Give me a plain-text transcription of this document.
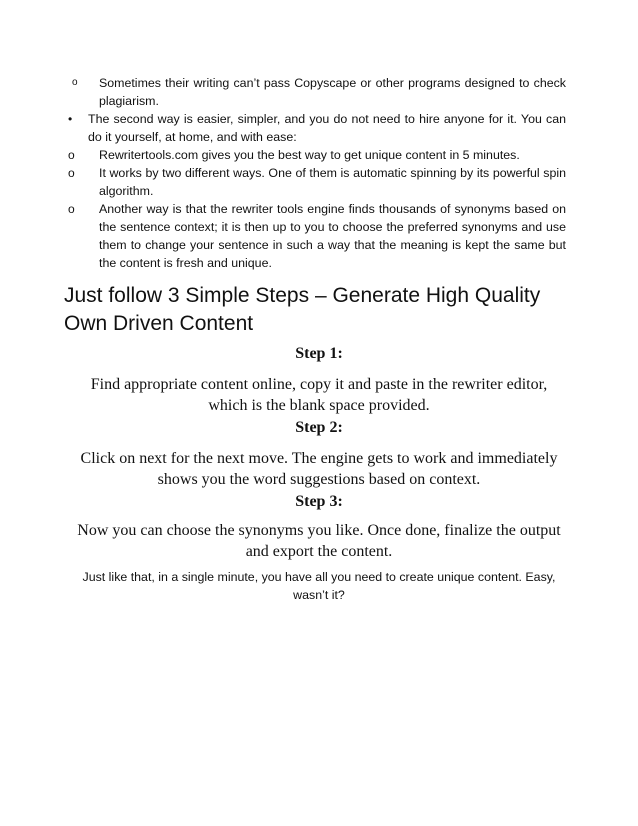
o Sometimes their writing can’t pass Copyscape or other programs designed to check plagiarism.
• The second way is easier, simpler, and you do not need to hire anyone for it. You can do it yourself, at home, and with ease:
o Rewritertools.com gives you the best way to get unique content in 5 minutes.
o It works by two different ways. One of them is automatic spinning by its powerful spin algorithm.
o Another way is that the rewriter tools engine finds thousands of synonyms based on the sentence context; it is then up to you to choose the preferred synonyms and use them to change your sentence in such a way that the meaning is kept the same but the content is fresh and unique.
Just follow 3 Simple Steps – Generate High Quality Own Driven Content
Step 1:
Find appropriate content online, copy it and paste in the rewriter editor, which is the blank space provided.
Step 2:
Click on next for the next move. The engine gets to work and immediately shows you the word suggestions based on context.
Step 3:
Now you can choose the synonyms you like. Once done, finalize the output and export the content.
Just like that, in a single minute, you have all you need to create unique content. Easy, wasn’t it?
